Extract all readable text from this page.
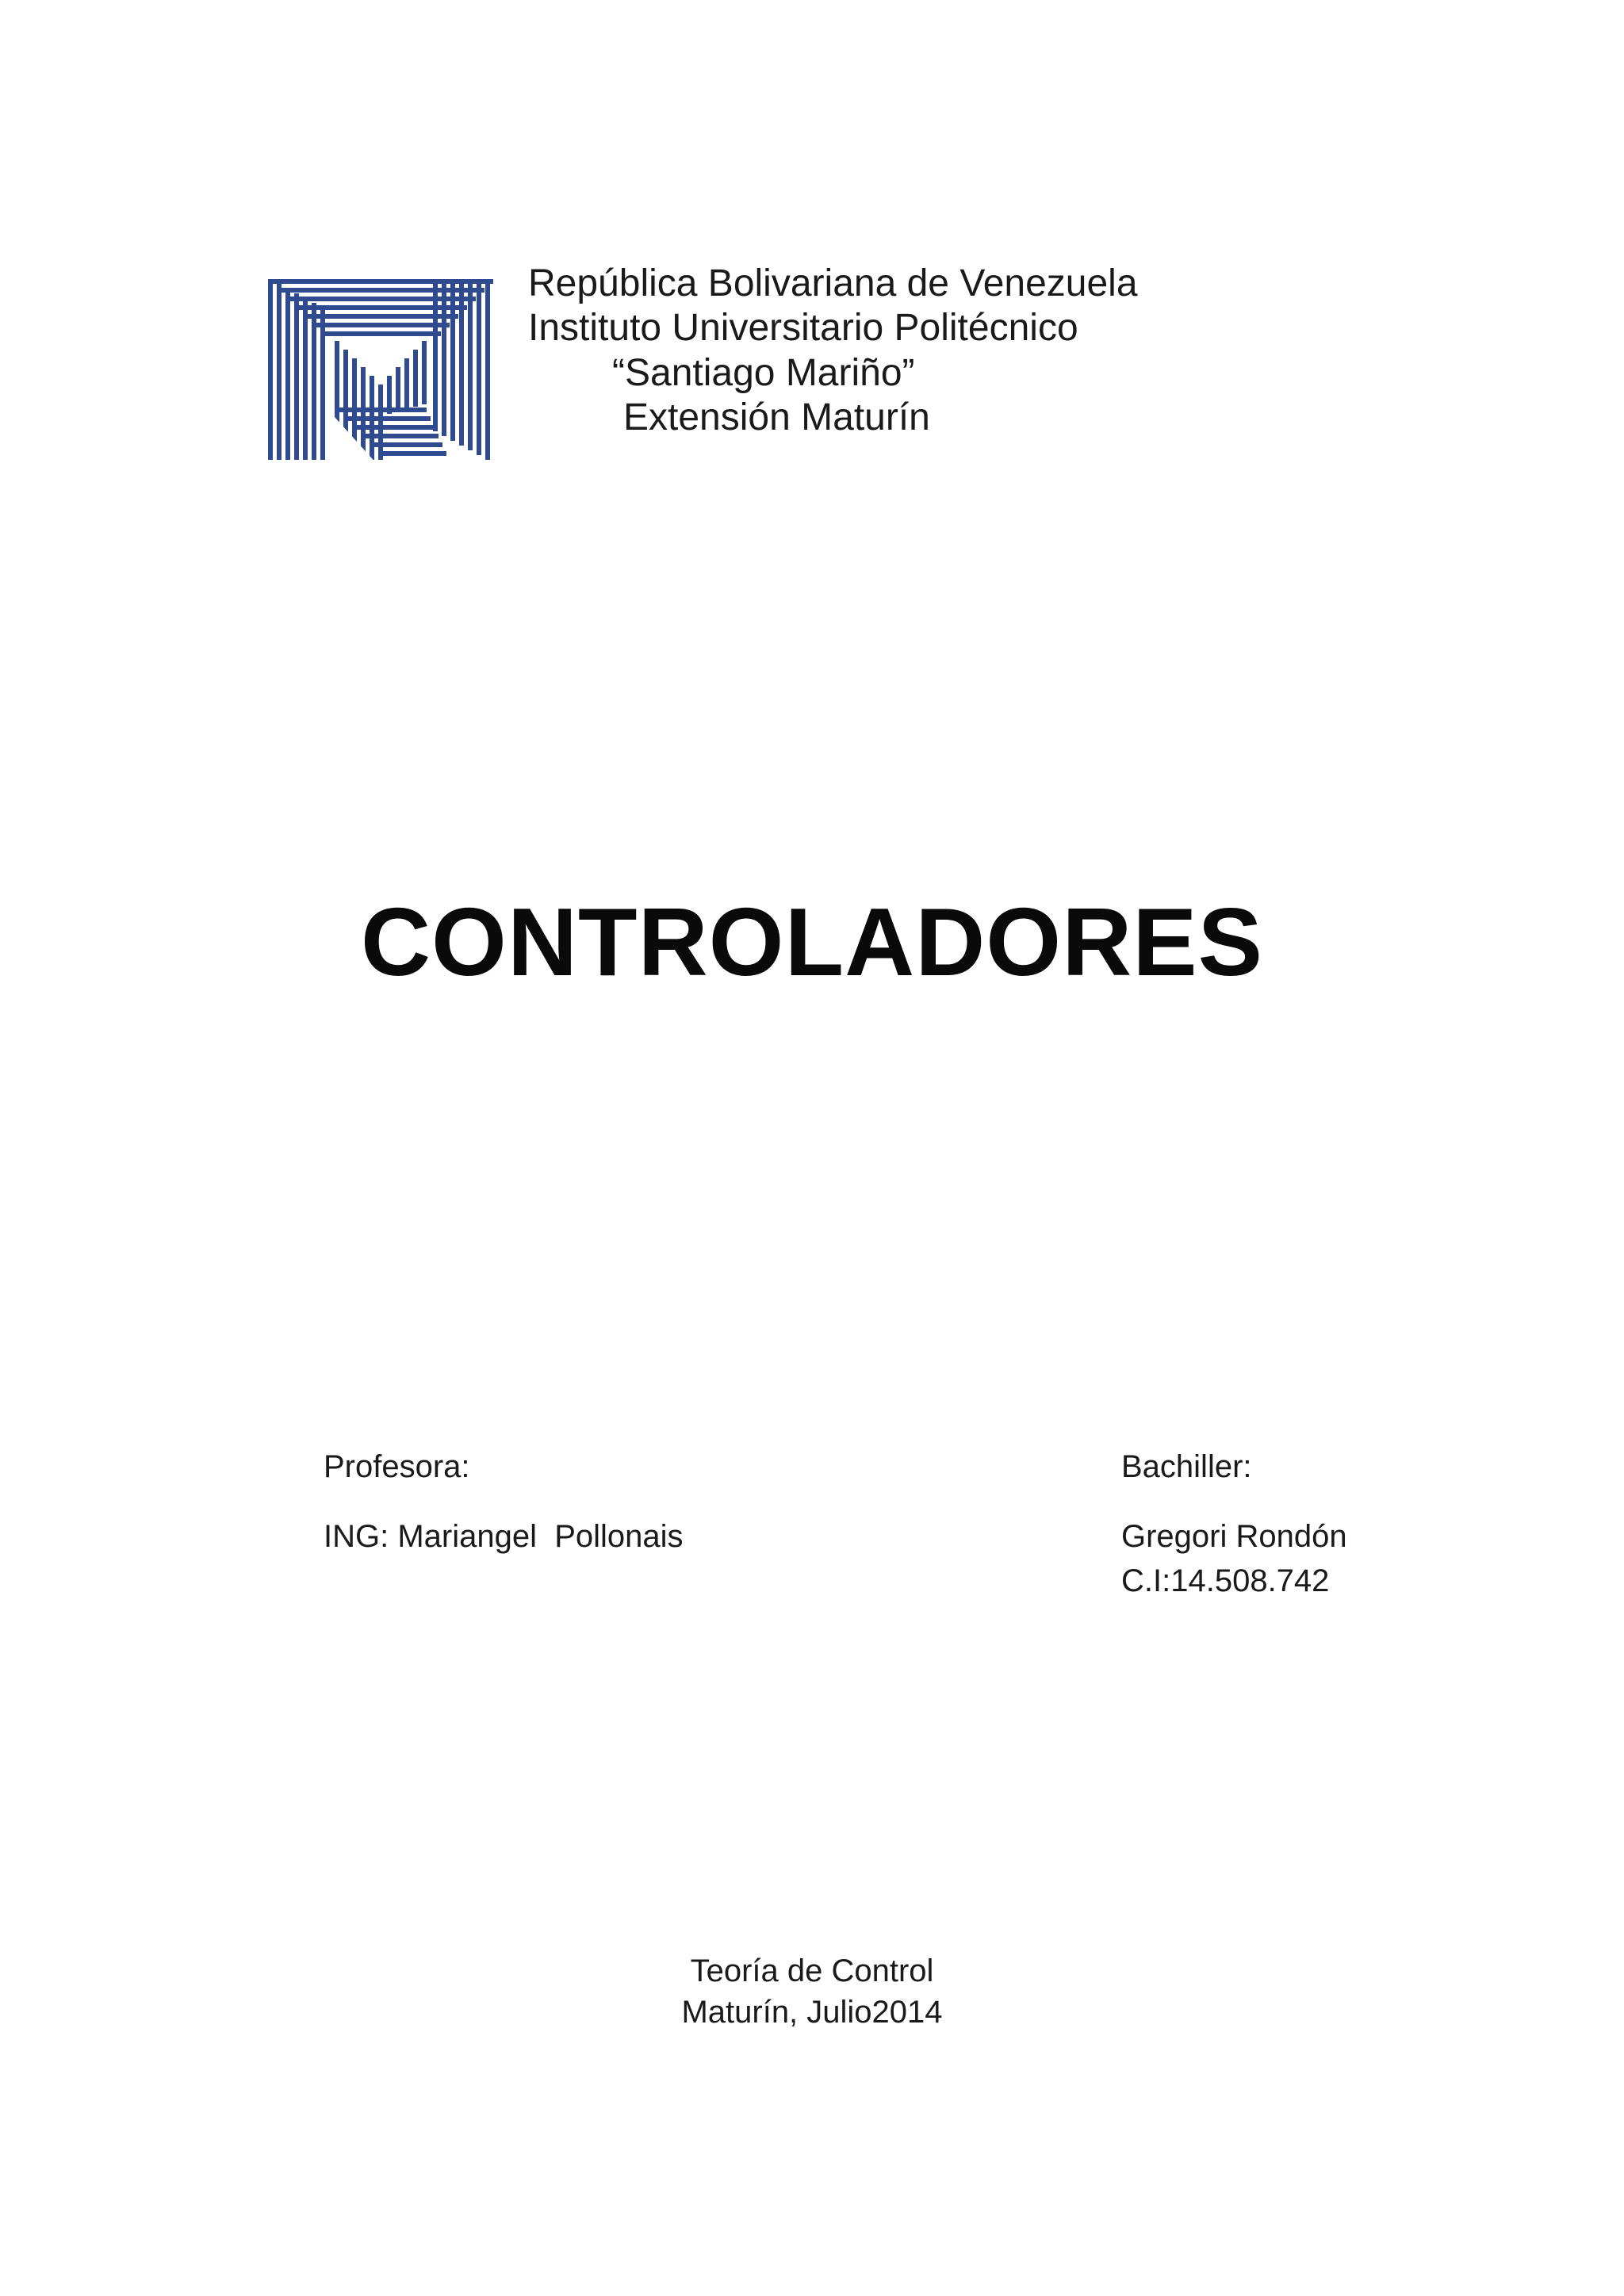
República Bolivariana de Venezuela
Instituto Universitario Politécnico
“Santiago Mariño”
Extensión Maturín
CONTROLADORES
Profesora:
ING: Mariangel  Pollonais
Bachiller:
Gregori Rondón
C.I:14.508.742
Teoría de Control
Maturín, Julio2014
